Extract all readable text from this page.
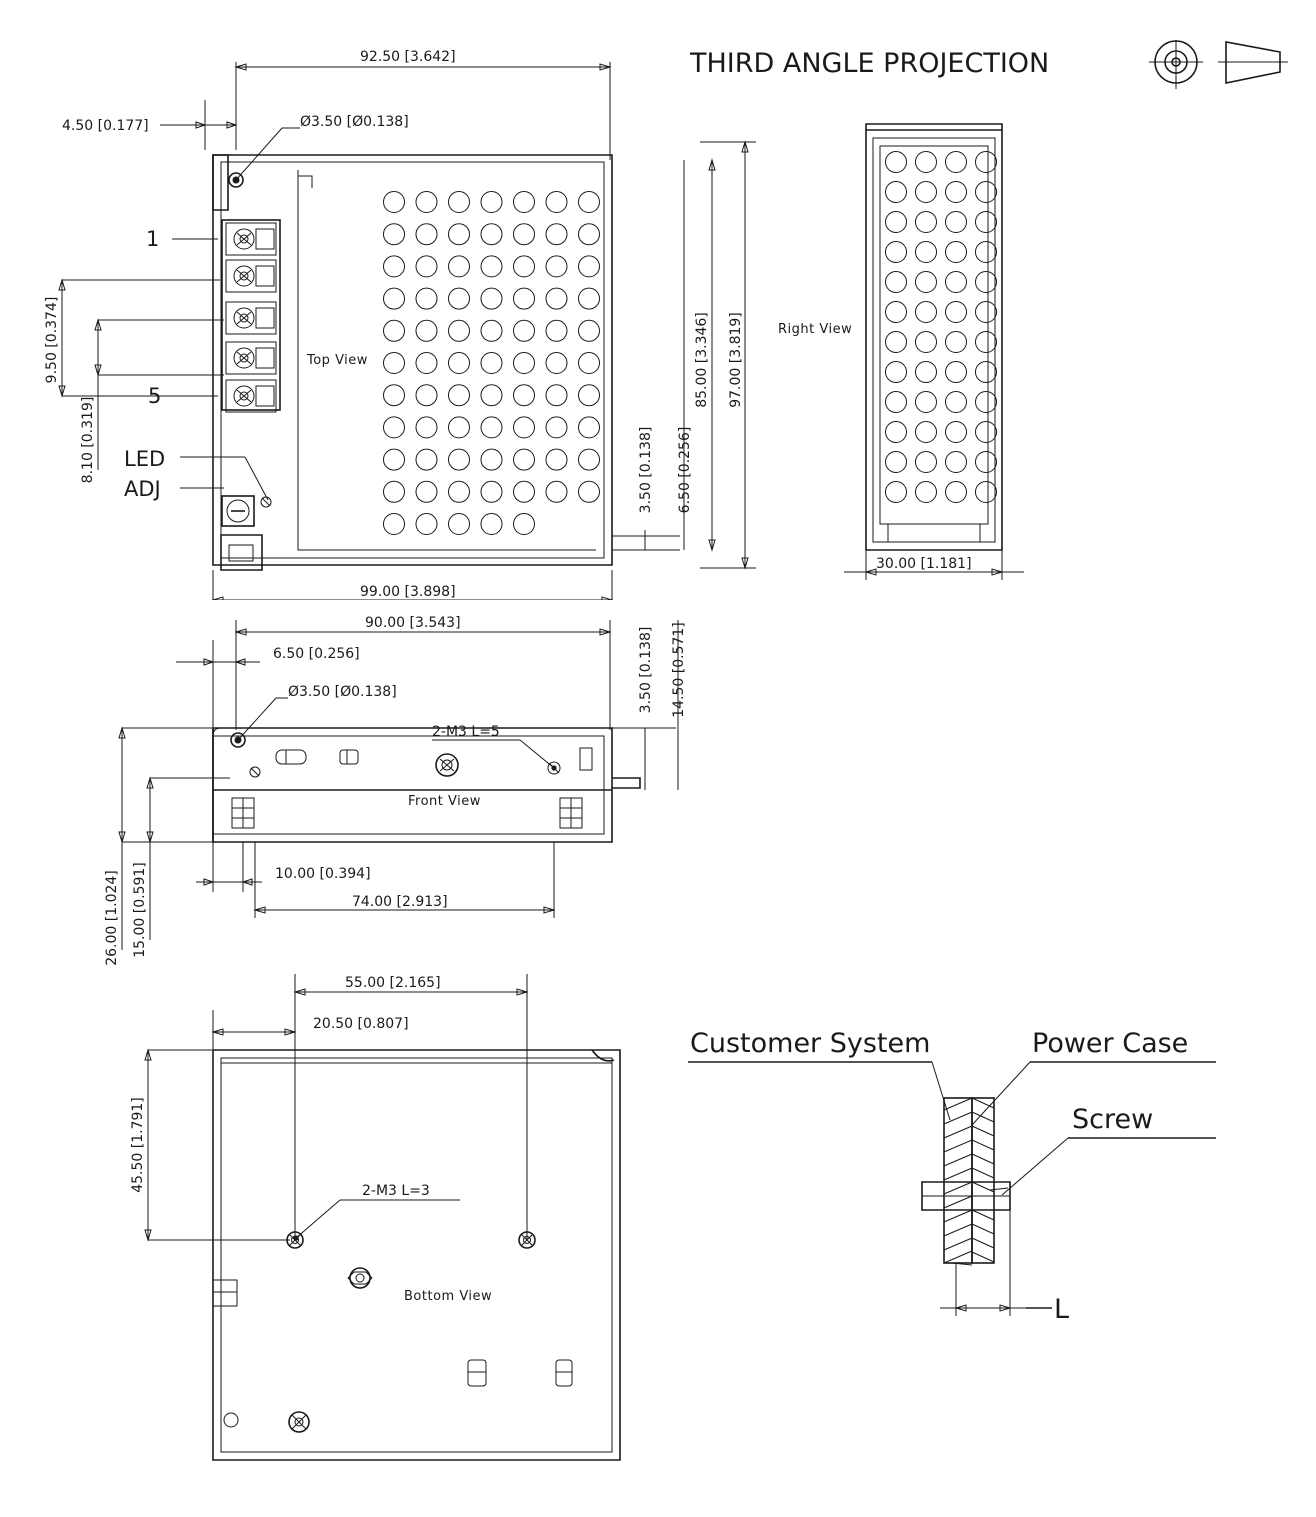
THIRD ANGLE PROJECTION
92.50 [3.642]
4.50 [0.177]	Ø3.50 [Ø0.138]
1
5
9.50 [0.374]
8.10 [0.319] LED
ADJ
Top View
3.50 [0.138] 6.50 [0.256]
85.00 [3.346] 97.00 [3.819]
99.00 [3.898]
Right View
30.00 [1.181]
90.00 [3.543]
6.50 [0.256]
Ø3.50 [Ø0.138]
2-M3 L=5
Front View
3.50 [0.138] 14.50 [0.571]
10.00 [0.394]
74.00 [2.913]
26.00 [1.024] 15.00 [0.591]
55.00 [2.165]
20.50 [0.807]
45.50 [1.791]	2-M3 L=3
Bottom View
Customer System	Power Case
Screw
L
